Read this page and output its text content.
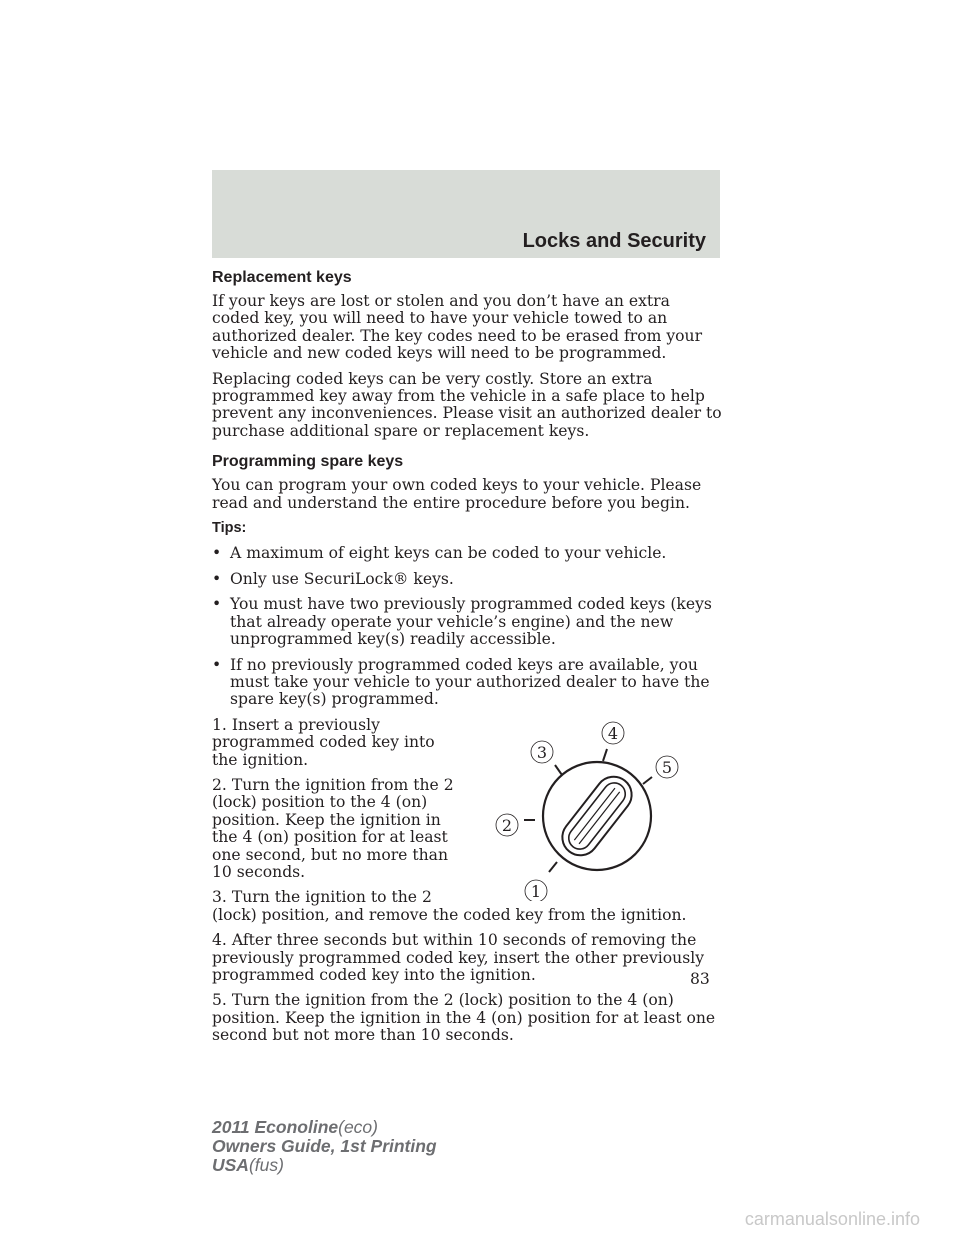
Locks and Security
Replacement keys

If your keys are lost or stolen and you don’t have an extra coded key, you will need to have your vehicle towed to an authorized dealer. The key codes need to be erased from your vehicle and new coded keys will need to be programmed.

Replacing coded keys can be very costly. Store an extra programmed key away from the vehicle in a safe place to help prevent any inconveniences. Please visit an authorized dealer to purchase additional spare or replacement keys.

Programming spare keys

You can program your own coded keys to your vehicle. Please read and understand the entire procedure before you begin.

Tips:
• A maximum of eight keys can be coded to your vehicle.
• Only use SecuriLock® keys.
• You must have two previously programmed coded keys (keys that already operate your vehicle’s engine) and the new unprogrammed key(s) readily accessible.
• If no previously programmed coded keys are available, you must take your vehicle to your authorized dealer to have the spare key(s) programmed.
1
2
3
4
5

1. Insert a previously programmed coded key into the ignition.

2. Turn the ignition from the 2 (lock) position to the 4 (on) position. Keep the ignition in the 4 (on) position for at least one second, but no more than 10 seconds.

3. Turn the ignition to the 2 (lock) position, and remove the coded key from the ignition.

4. After three seconds but within 10 seconds of removing the previously programmed coded key, insert the other previously programmed coded key into the ignition.

5. Turn the ignition from the 2 (lock) position to the 4 (on) position. Keep the ignition in the 4 (on) position for at least one second but not more than 10 seconds.

83
2011 Econoline(eco)
Owners Guide, 1st Printing
USA(fus)
carmanualsonline.info
